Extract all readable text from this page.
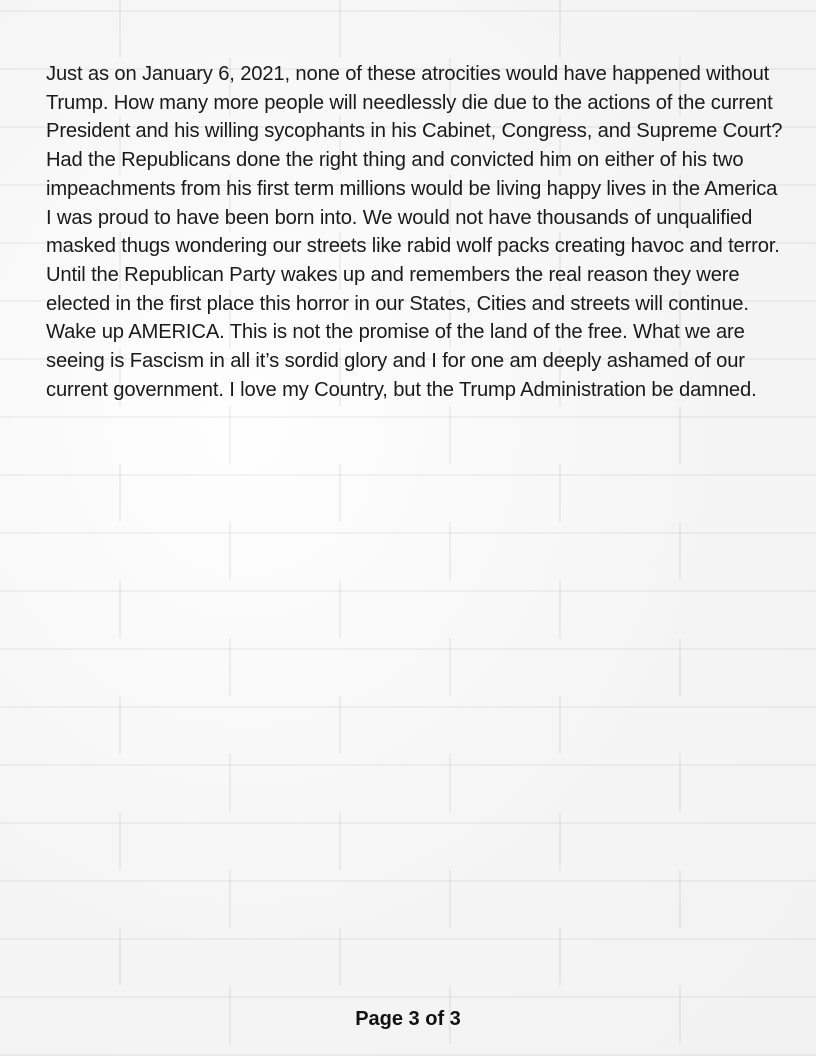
Just as on January 6, 2021, none of these atrocities would have happened without Trump. How many more people will needlessly die due to the actions of the current President and his willing sycophants in his Cabinet, Congress, and Supreme Court? Had the Republicans done the right thing and convicted him on either of his two impeachments from his first term millions would be living happy lives in the America I was proud to have been born into. We would not have thousands of unqualified masked thugs wondering our streets like rabid wolf packs creating havoc and terror. Until the Republican Party wakes up and remembers the real reason they were elected in the first place this horror in our States, Cities and streets will continue. Wake up AMERICA. This is not the promise of the land of the free. What we are seeing is Fascism in all it’s sordid glory and I for one am deeply ashamed of our current government. I love my Country, but the Trump Administration be damned.

Page 3 of 3
